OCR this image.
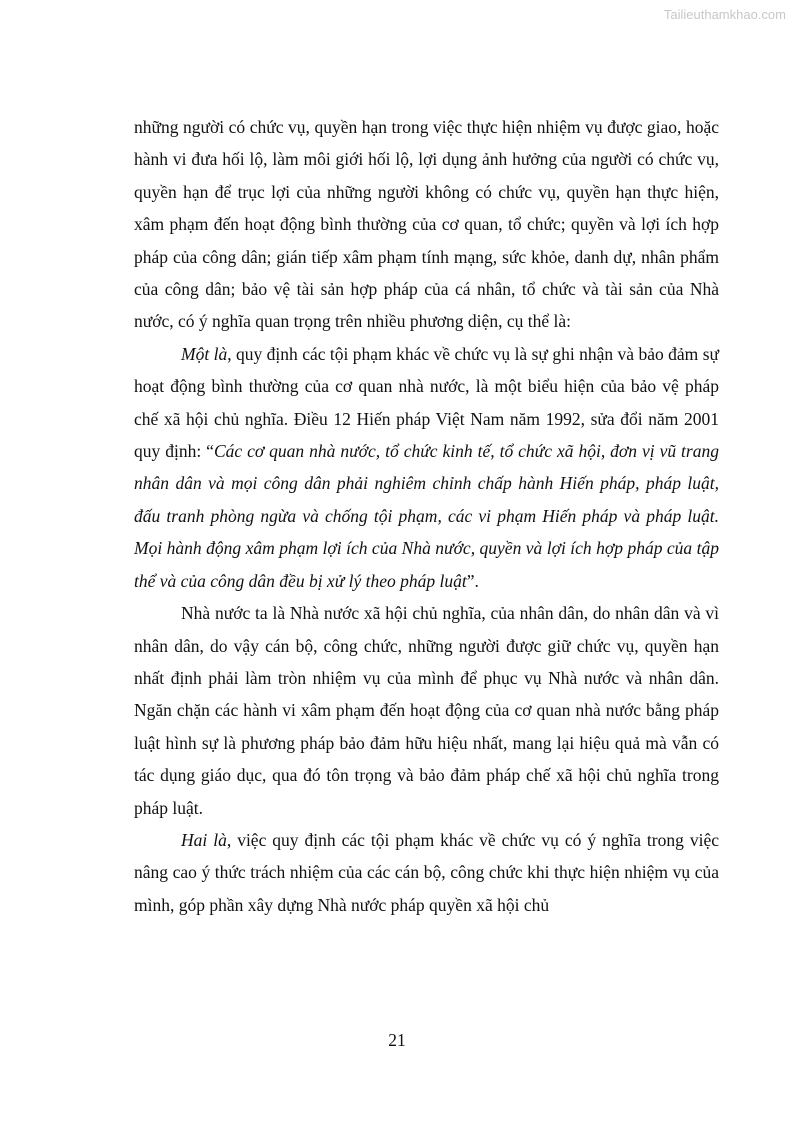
Tailieuthamkhao.com

những người có chức vụ, quyền hạn trong việc thực hiện nhiệm vụ được giao, hoặc hành vi đưa hối lộ, làm môi giới hối lộ, lợi dụng ảnh hưởng của người có chức vụ, quyền hạn để trục lợi của những người không có chức vụ, quyền hạn thực hiện, xâm phạm đến hoạt động bình thường của cơ quan, tổ chức; quyền và lợi ích hợp pháp của công dân; gián tiếp xâm phạm tính mạng, sức khỏe, danh dự, nhân phẩm của công dân; bảo vệ tài sản hợp pháp của cá nhân, tổ chức và tài sản của Nhà nước, có ý nghĩa quan trọng trên nhiều phương diện, cụ thể là:

Một là, quy định các tội phạm khác về chức vụ là sự ghi nhận và bảo đảm sự hoạt động bình thường của cơ quan nhà nước, là một biểu hiện của bảo vệ pháp chế xã hội chủ nghĩa. Điều 12 Hiến pháp Việt Nam năm 1992, sửa đổi năm 2001 quy định: “Các cơ quan nhà nước, tổ chức kinh tế, tổ chức xã hội, đơn vị vũ trang nhân dân và mọi công dân phải nghiêm chỉnh chấp hành Hiến pháp, pháp luật, đấu tranh phòng ngừa và chống tội phạm, các vi phạm Hiến pháp và pháp luật. Mọi hành động xâm phạm lợi ích của Nhà nước, quyền và lợi ích hợp pháp của tập thể và của công dân đều bị xử lý theo pháp luật”.

Nhà nước ta là Nhà nước xã hội chủ nghĩa, của nhân dân, do nhân dân và vì nhân dân, do vậy cán bộ, công chức, những người được giữ chức vụ, quyền hạn nhất định phải làm tròn nhiệm vụ của mình để phục vụ Nhà nước và nhân dân. Ngăn chặn các hành vi xâm phạm đến hoạt động của cơ quan nhà nước bằng pháp luật hình sự là phương pháp bảo đảm hữu hiệu nhất, mang lại hiệu quả mà vẫn có tác dụng giáo dục, qua đó tôn trọng và bảo đảm pháp chế xã hội chủ nghĩa trong pháp luật.

Hai là, việc quy định các tội phạm khác về chức vụ có ý nghĩa trong việc nâng cao ý thức trách nhiệm của các cán bộ, công chức khi thực hiện nhiệm vụ của mình, góp phần xây dựng Nhà nước pháp quyền xã hội chủ

21
